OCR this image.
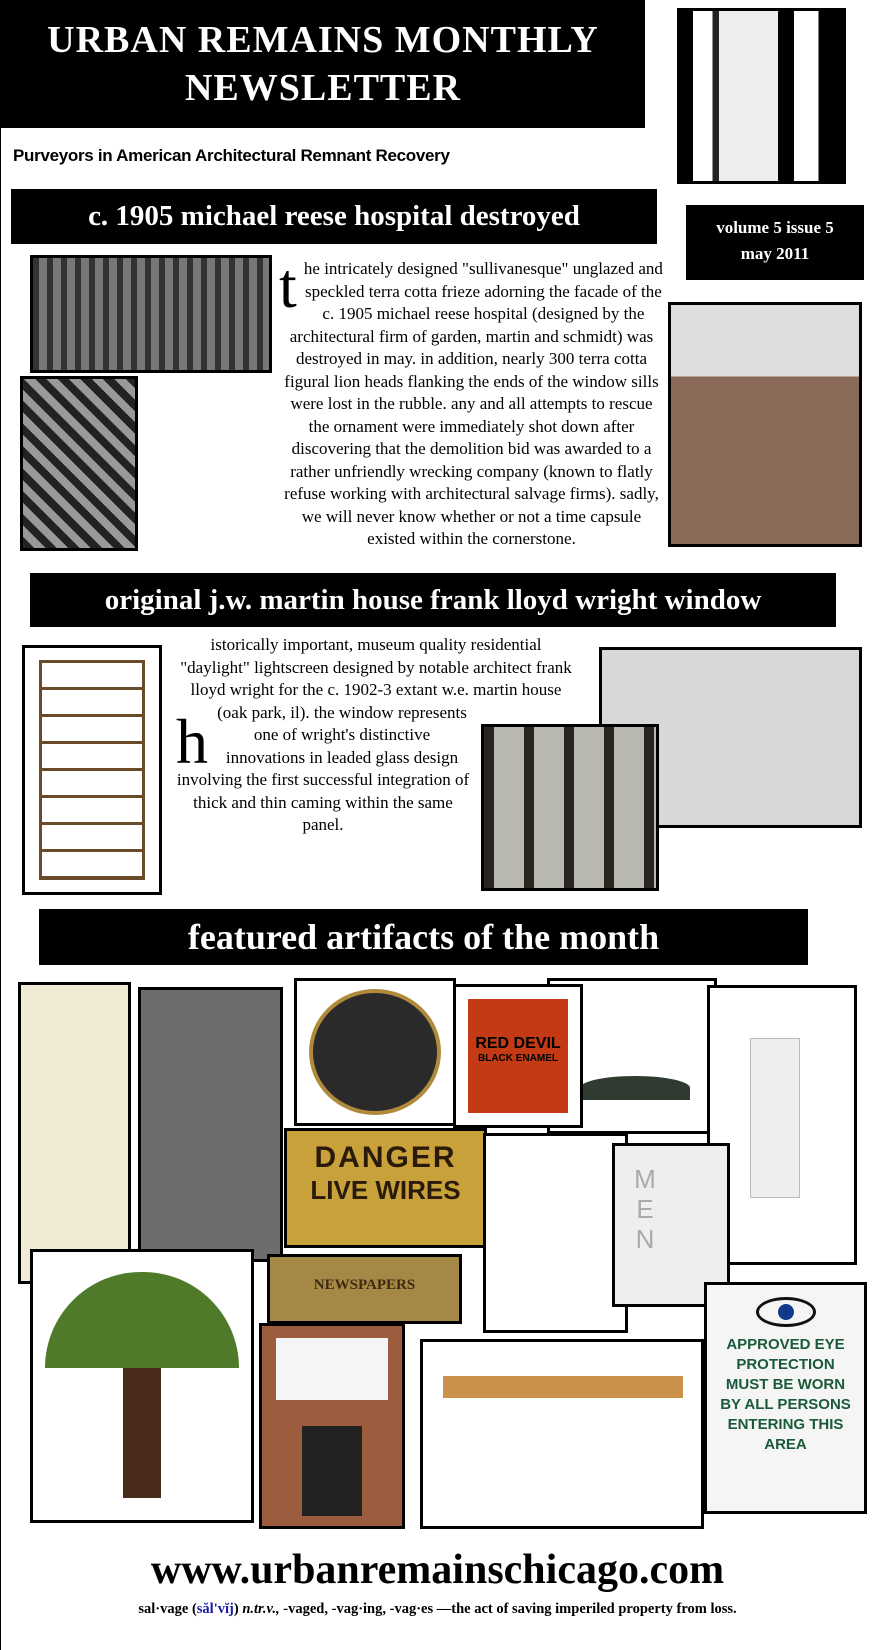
URBAN REMAINS MONTHLY
NEWSLETTER
Purveyors in American Architectural Remnant Recovery
c. 1905 michael reese hospital destroyed	volume 5 issue 5
may 2011
t he intricately designed "sullivanesque" unglazed and speckled terra cotta frieze adorning the facade of the c. 1905 michael reese hospital (designed by the architectural firm of garden, martin and schmidt) was destroyed in may. in addition, nearly 300 terra cotta figural lion heads flanking the ends of the window sills were lost in the rubble. any and all attempts to rescue the ornament were immediately shot down after discovering that the demolition bid was awarded to a rather unfriendly wrecking company (known to flatly refuse working with architectural salvage firms). sadly, we will never know whether or not a time capsule existed within the cornerstone.
original j.w. martin house frank lloyd wright window
h
istorically important, museum quality residential "daylight" lightscreen designed by notable architect frank lloyd wright for the c. 1902-3 extant w.e. martin house (oak park, il). the window represents one of wright's distinctive innovations in leaded glass design involving the first successful integration of thick and thin caming within the same panel.
featured artifacts of the month
RED DEVIL
BLACK ENAMEL
DANGER
LIVE WIRES	MEN
NEWSPAPERS
APPROVED EYE PROTECTION MUST BE WORN BY ALL PERSONS ENTERING THIS AREA
www.urbanremainschicago.com
sal·vage (săl'vĭj) n.tr.v., -vaged, -vag·ing, -vag·es —the act of saving imperiled property from loss.
